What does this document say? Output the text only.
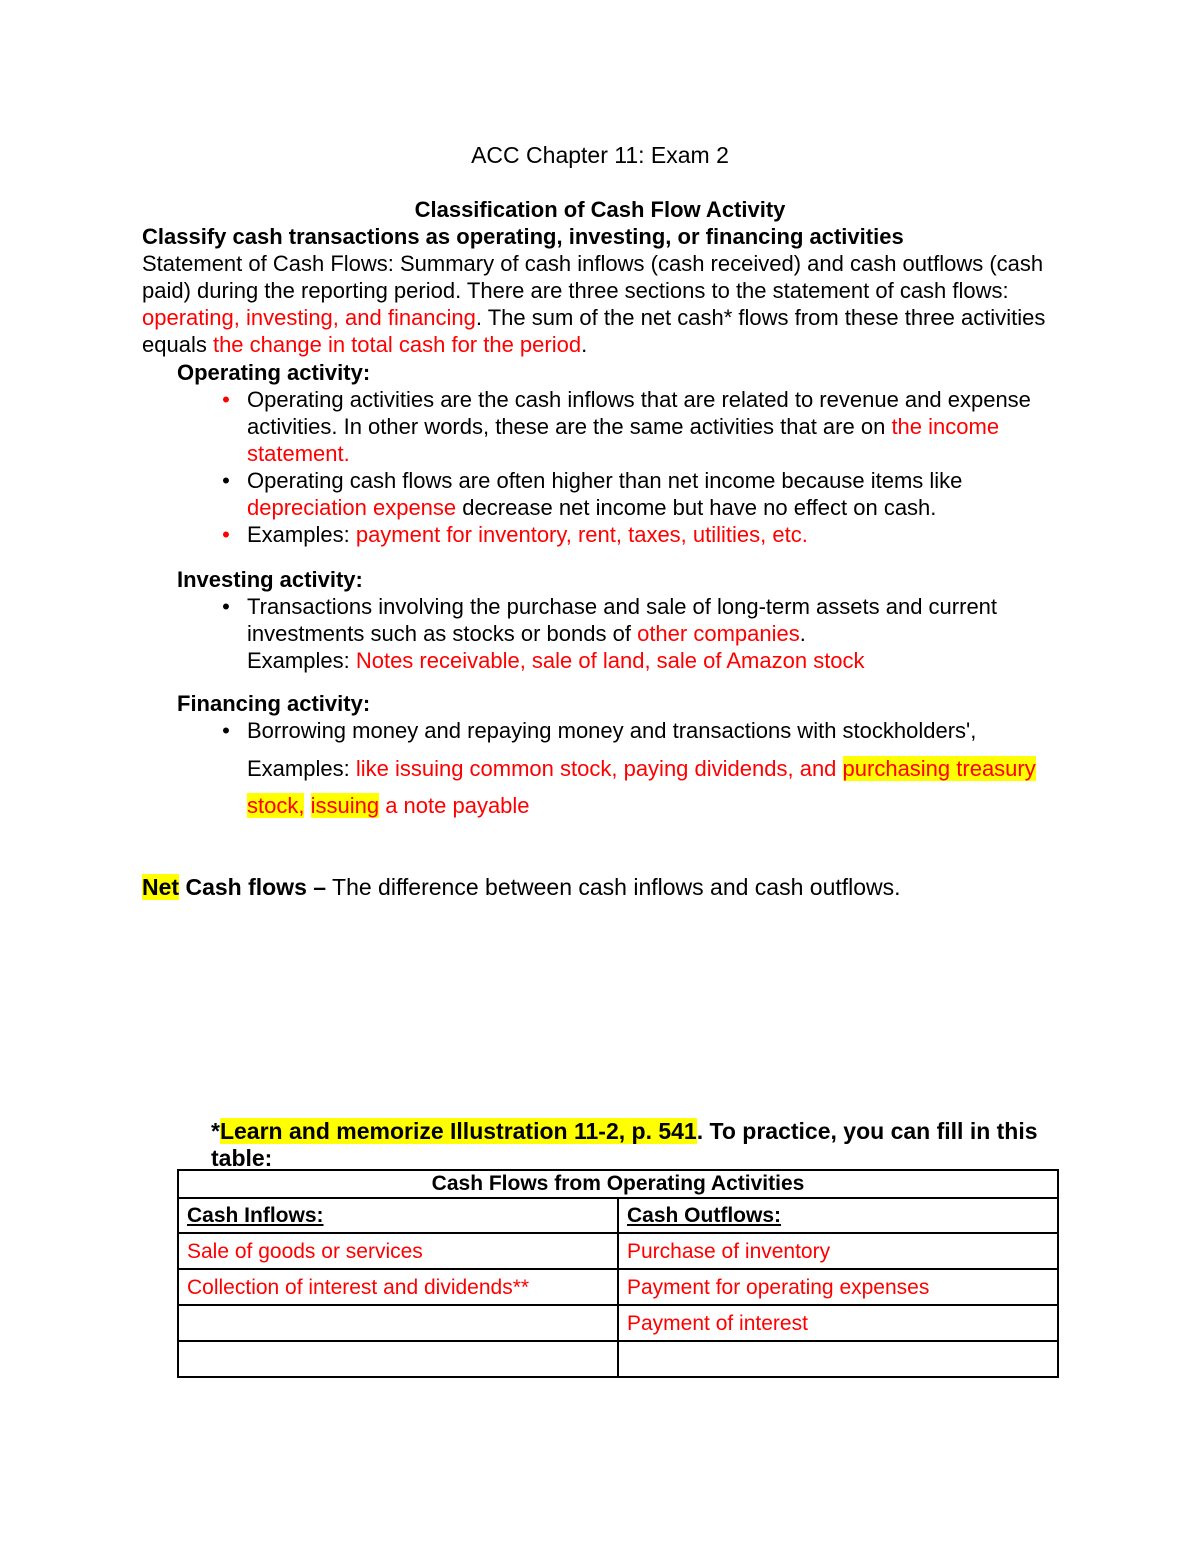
ACC Chapter 11: Exam 2
Classification of Cash Flow Activity
Classify cash transactions as operating, investing, or financing activities
Statement of Cash Flows: Summary of cash inflows (cash received) and cash outflows (cash paid) during the reporting period. There are three sections to the statement of cash flows: operating, investing, and financing. The sum of the net cash* flows from these three activities equals the change in total cash for the period.
Operating activity:
• Operating activities are the cash inflows that are related to revenue and expense activities. In other words, these are the same activities that are on the income statement.
• Operating cash flows are often higher than net income because items like depreciation expense decrease net income but have no effect on cash.
• Examples: payment for inventory, rent, taxes, utilities, etc.
Investing activity:
• Transactions involving the purchase and sale of long-term assets and current investments such as stocks or bonds of other companies.
Examples: Notes receivable, sale of land, sale of Amazon stock
Financing activity:
• Borrowing money and repaying money and transactions with stockholders',
Examples: like issuing common stock, paying dividends, and purchasing treasury stock, issuing a note payable
Net Cash flows – The difference between cash inflows and cash outflows.
*Learn and memorize Illustration 11-2, p. 541. To practice, you can fill in this table:
Cash Flows from Operating Activities	
Cash Inflows:	Cash Outflows:
Sale of goods or services	Purchase of inventory
Collection of interest and dividends**	Payment for operating expenses
	Payment of interest
